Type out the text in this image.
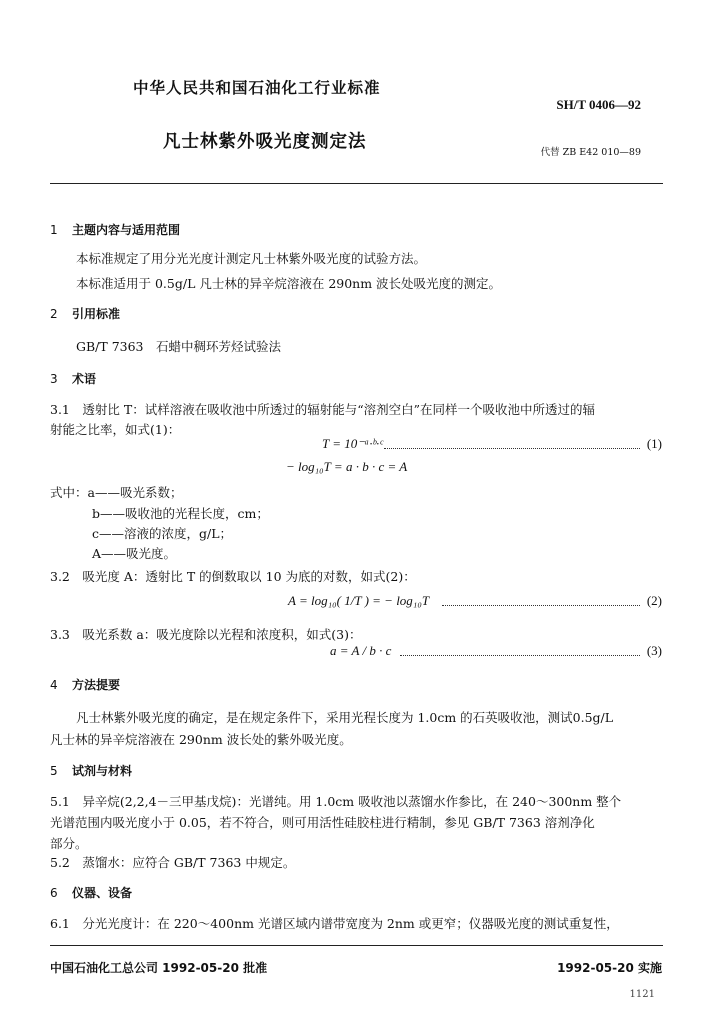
中华人民共和国石油化工行业标准
SH/T 0406—92
凡士林紫外吸光度测定法
代替 ZB E42 010—89
1 主题内容与适用范围
本标准规定了用分光光度计测定凡士林紫外吸光度的试验方法。
本标准适用于 0.5g/L 凡士林的异辛烷溶液在 290nm 波长处吸光度的测定。
2 引用标准
GB/T 7363　石蜡中稠环芳烃试验法
3 术语
3.1　透射比 T：试样溶液在吸收池中所透过的辐射能与“溶剂空白”在同样一个吸收池中所透过的辐
射能之比率，如式(1)：
T = 10⁻ᵃ·ᵇ·ᶜ	(1)
− log₁₀T = a · b · c = A
式中：a——吸光系数；
b——吸收池的光程长度，cm；
c——溶液的浓度，g/L；
A——吸光度。
3.2　吸光度 A：透射比 T 的倒数取以 10 为底的对数，如式(2)：
A = log₁₀( 1/T ) = − log₁₀T	(2)
3.3　吸光系数 a：吸光度除以光程和浓度积，如式(3)：
a = A / b · c	(3)
4 方法提要
凡士林紫外吸光度的确定，是在规定条件下，采用光程长度为 1.0cm 的石英吸收池，测试0.5g/L
凡士林的异辛烷溶液在 290nm 波长处的紫外吸光度。
5 试剂与材料
5.1　异辛烷(2,2,4－三甲基戊烷)：光谱纯。用 1.0cm 吸收池以蒸馏水作参比，在 240～300nm 整个
光谱范围内吸光度小于 0.05，若不符合，则可用活性硅胶柱进行精制，参见 GB/T 7363 溶剂净化
部分。
5.2　蒸馏水：应符合 GB/T 7363 中规定。
6 仪器、设备
6.1　分光光度计：在 220～400nm 光谱区域内谱带宽度为 2nm 或更窄；仪器吸光度的测试重复性，
中国石油化工总公司 1992-05-20 批准	1992-05-20 实施
1121
